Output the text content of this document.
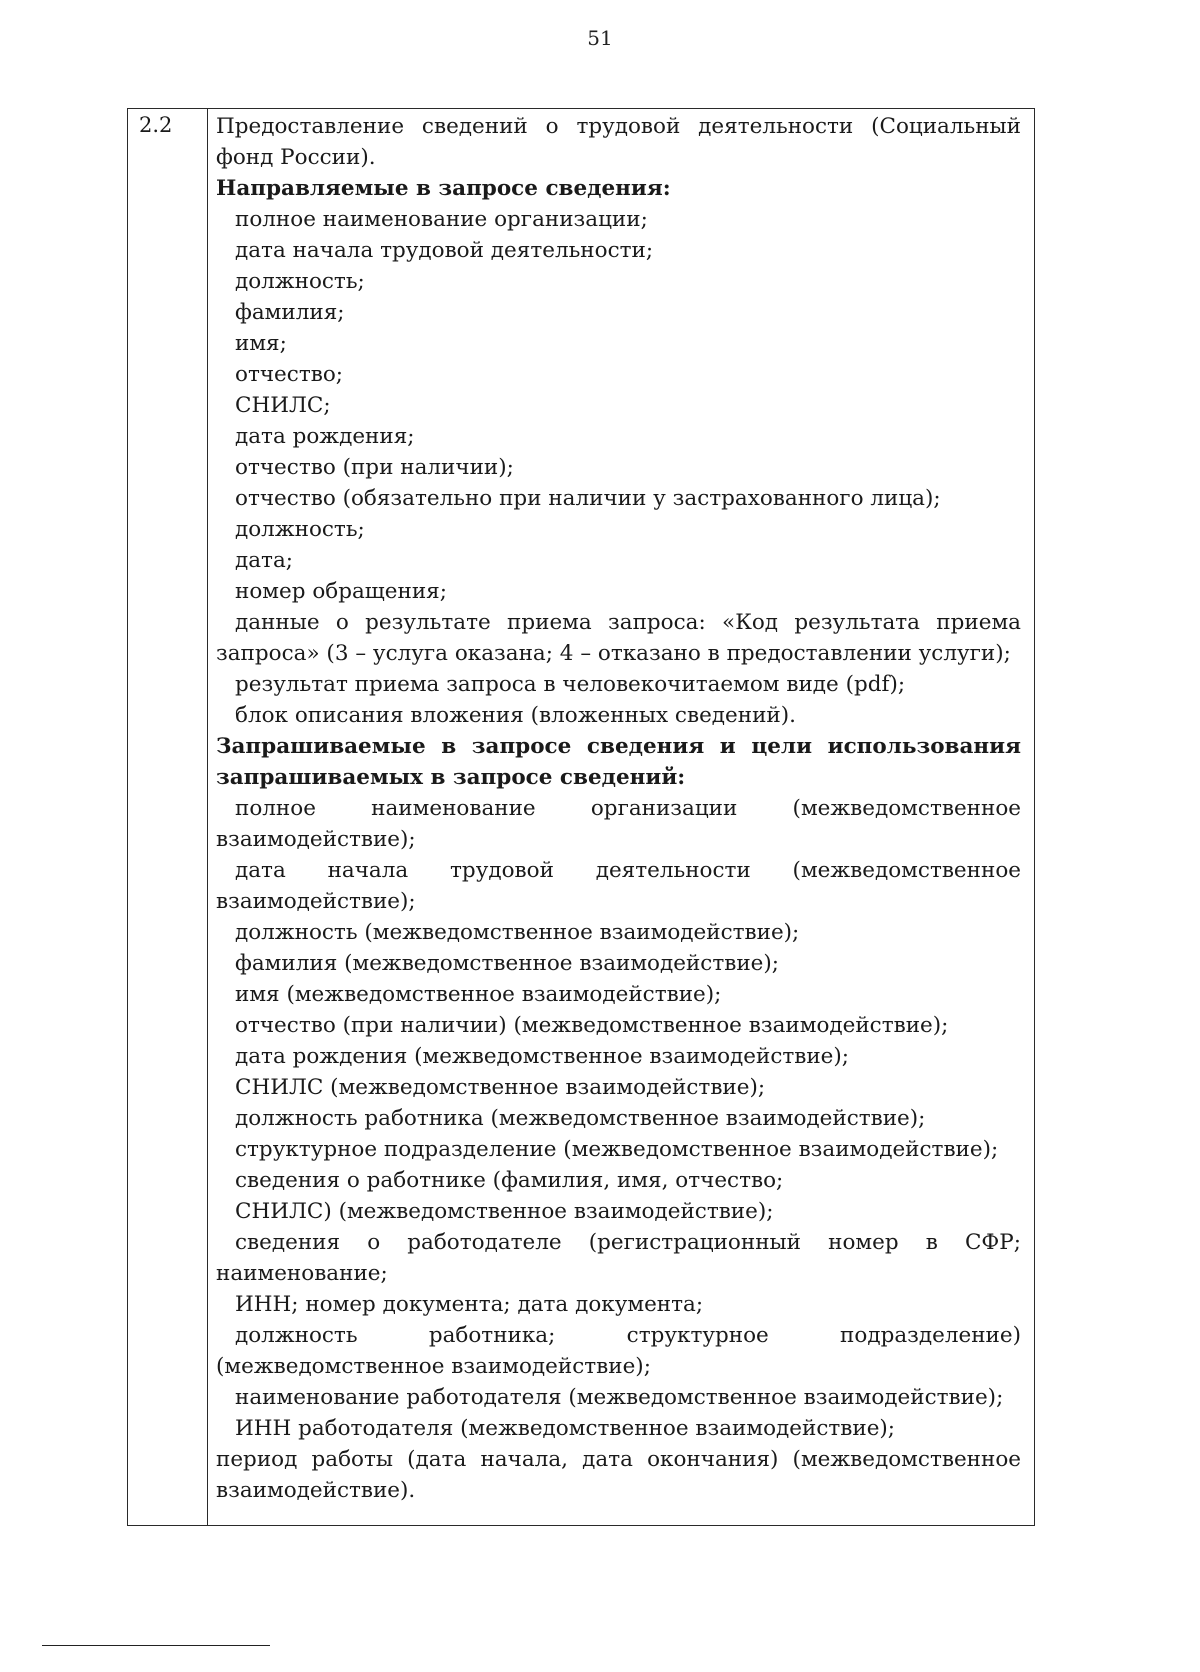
51
2.2	Предоставление сведений о трудовой деятельности (Социальный фонд России).

Направляемые в запросе сведения:

полное наименование организации;

дата начала трудовой деятельности;

должность;

фамилия;

имя;

отчество;

СНИЛС;

дата рождения;

отчество (при наличии);

отчество (обязательно при наличии у застрахованного лица);

должность;

дата;

номер обращения;

данные о результате приема запроса: «Код результата приема запроса» (3 – услуга оказана; 4 – отказано в предоставлении услуги);

результат приема запроса в человекочитаемом виде (pdf);

блок описания вложения (вложенных сведений).

Запрашиваемые в запросе сведения и цели использования запрашиваемых в запросе сведений:

полное наименование организации (межведомственное взаимодействие);

дата начала трудовой деятельности (межведомственное взаимодействие);

должность (межведомственное взаимодействие);

фамилия (межведомственное взаимодействие);

имя (межведомственное взаимодействие);

отчество (при наличии) (межведомственное взаимодействие);

дата рождения (межведомственное взаимодействие);

СНИЛС (межведомственное взаимодействие);

должность работника (межведомственное взаимодействие);

структурное подразделение (межведомственное взаимодействие);

сведения о работнике (фамилия, имя, отчество;

СНИЛС) (межведомственное взаимодействие);

сведения о работодателе (регистрационный номер в СФР; наименование;

ИНН; номер документа; дата документа;

должность работника; структурное подразделение) (межведомственное взаимодействие);

наименование работодателя (межведомственное взаимодействие);

ИНН работодателя (межведомственное взаимодействие);

период работы (дата начала, дата окончания) (межведомственное взаимодействие).
